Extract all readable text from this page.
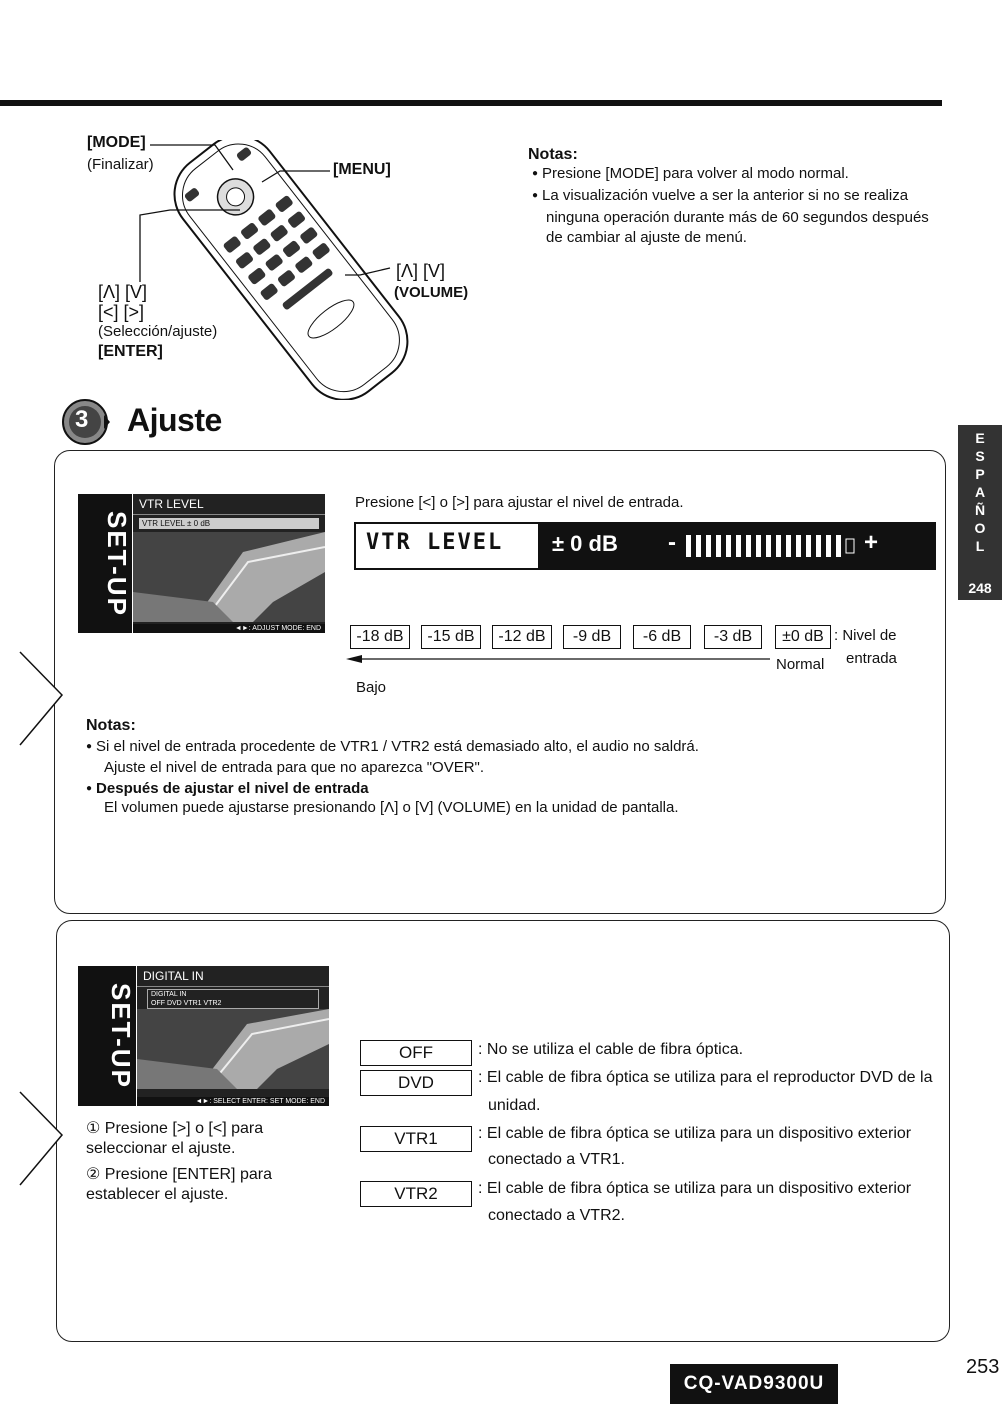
[MODE]
(Finalizar)	[MENU]
[Λ] [V]
[<] [>]
(Selección/ajuste)
[ENTER]
[Λ] [V]
(VOLUME)
Notas:
● Presione [MODE] para volver al modo normal.
● La visualización vuelve a ser la anterior si no se realiza ninguna operación durante más de 60 segundos después de cambiar al ajuste de menú.
3 Ajuste	E
S
P
A
Ñ
O
L
248
SET-UP
VTR LEVEL
VTR LEVEL ± 0 dB
◄►: ADJUST MODE: END
Presione [<] o [>] para ajustar el nivel de entrada.
VTR LEVEL ± 0 dB -	+
-18 dB	-15 dB	-12 dB	-9 dB	-6 dB	-3 dB	±0 dB : Nivel de
entrada
Normal
Bajo
Notas:
● Si el nivel de entrada procedente de VTR1 / VTR2 está demasiado alto, el audio no saldrá.
Ajuste el nivel de entrada para que no aparezca "OVER".
● Después de ajustar el nivel de entrada
El volumen puede ajustarse presionando [Λ] o [V] (VOLUME) en la unidad de pantalla.
SET-UP
DIGITAL IN
DIGITAL IN
OFF DVD VTR1 VTR2
◄►: SELECT ENTER: SET MODE: END
① Presione [>] o [<] para seleccionar el ajuste.
② Presione [ENTER] para establecer el ajuste.
OFF	: No se utiliza el cable de fibra óptica.
DVD	: El cable de fibra óptica se utiliza para el reproductor DVD de la
unidad.
VTR1	: El cable de fibra óptica se utiliza para un dispositivo exterior
conectado a VTR1.
VTR2	: El cable de fibra óptica se utiliza para un dispositivo exterior
conectado a VTR2.
CQ-VAD9300U
253
